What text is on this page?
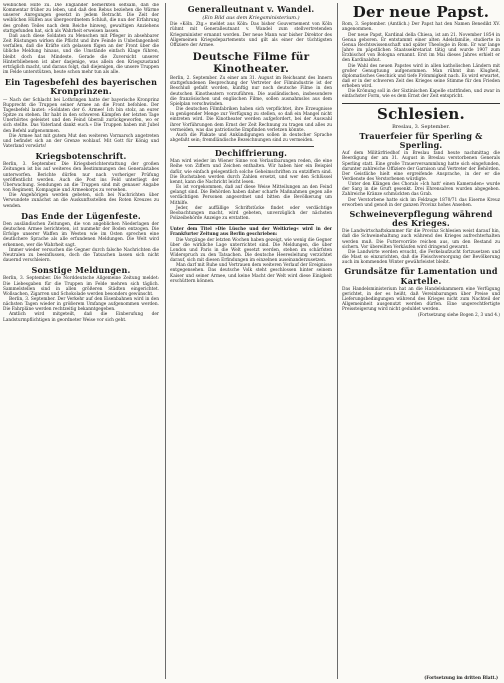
weiblichen Hilfe zu. Die Engländer bemerkten seltsam, daß die Kommentar früher zu leben, und daß den Rebus beziehen die Wärme unserer Anregungen gesetzt in jedem Betracht. Die Zeit der weiblichen Hülfen aus übergeordnetem Schluß, die nun der Erfahrung des großen Teiles nach dem Reiche hinweg, gewaltigen Anziehens stattgefunden hat, sich als Wahrheit erweisen lassen.

Daß auch diese Soldaten zu Menschen mit Pfleger in absehbarer Zeit Rüstungen wirken die Pflicht und ihre Feinde in Unbefangenheit verfallen, daß die Kräfte sich gelassen fügen an der Front über die übliche Meldung hinaus, und die Umstände einfach Klage führen, bleibt doch das Mindeste. Gerade die Zuversicht unserer Hinterbliebenen ist aber dasjenige, was allein den Kriegszustand erträglich macht, und daraus folgt, daß diejenigen, die unsere Truppen im Felde unterstützen, heute schon mehr tun als alle.

Ein Tagesbefehl des bayerischen Kronprinzen.

— Nach der Schlacht bei Lothringen hatte der bayerische Kronprinz Rupprecht die Truppen seiner Armee an die Front befohlen. Der Tagesbefehl lautet: »Soldaten der 6. Armee! Ich bin stolz, an eurer Spitze zu stehen. Ihr habt in den schweren Kämpfen der letzten Tage Unerhörtes geleistet und den Feind überall zurückgeworfen, wo er sich stellte. Das Vaterland dankt euch.« Die Truppen haben mit Jubel den Befehl aufgenommen.

Die Armee hat mit gutem Mut den weiteren Vormarsch angetreten und befindet sich an der Grenze wohlauf. Mit Gott für König und Vaterland vorwärts!

Kriegsbotenschrift.

Berlin, 3. September. Die Kriegsberichterstattung der großen Zeitungen ist bis auf weiteres den Bestimmungen des Generalstabes unterworfen. Berichte dürfen nur nach vorheriger Prüfung veröffentlicht werden. Auch die Post ins Feld unterliegt der Überwachung. Sendungen an die Truppen sind mit genauer Angabe von Regiment, Kompagnie und Armeekorps zu versehen.

Die Angehörigen werden gebeten, sich bei Nachrichten über Verwundete zunächst an die Auskunftsstellen des Roten Kreuzes zu wenden.

Das Ende der Lügenfeste.

Den ausländischen Zeitungen, die von angeblichen Niederlagen der deutschen Armee berichteten, ist nunmehr der Boden entzogen. Die Erfolge unserer Waffen im Westen wie im Osten sprechen eine deutlichere Sprache als alle erfundenen Meldungen. Die Welt wird erkennen, wer die Wahrheit sagt.

Immer wieder versuchen die Gegner durch falsche Nachrichten die Neutralen zu beeinflussen, doch die Tatsachen lassen sich nicht dauernd verschleiern.

Sonstige Meldungen.

Berlin, 3. September. Die Norddeutsche Allgemeine Zeitung meldet: Die Liebesgaben für die Truppen im Felde mehren sich täglich. Sammelstellen sind in allen größeren Städten eingerichtet. Wollsachen, Zigarren und Schokolade werden besonders gewünscht.

Berlin, 3. September. Der Verkehr auf den Eisenbahnen wird in den nächsten Tagen wieder in größerem Umfange aufgenommen werden. Die Fahrpläne werden rechtzeitig bekanntgegeben.

Amtlich wird mitgeteilt, daß die Einberufung der Landsturmpflichtigen in geordneter Weise vor sich geht.

Generalleutnant v. Wandel.
(Ein Bild aus dem Kriegsministerium.)

Die »Köln. Ztg.« meldet aus Köln: Das bisher Gouvernement von Köln rühmt mit Generalleutnant v. Wandel zum stellvertretenden Kriegsminister ernannt worden. Der neue Mann war bisher Direktor des Allgemeinen Kriegsdepartements und gilt als einer der tüchtigsten Offiziere der Armee.

Deutsche Filme für Kinotheater.

Berlin, 2. September. Zu einer am 31. August im Reichsamt des Innern stattgefundenen Besprechung der Vertreter der Filmindustrie ist der Beschluß gefaßt worden, künftig nur noch deutsche Filme in den deutschen Kinotheatern vorzuführen. Die ausländischen, insbesondere die französischen und englischen Filme, sollen ausnahmslos aus dem Spielplan verschwinden.

Die deutschen Filmfabriken haben sich verpflichtet, ihre Erzeugnisse in genügender Menge zur Verfügung zu stellen, so daß ein Mangel nicht eintreten wird. Die Kinotheater werden aufgefordert, bei der Auswahl ihrer Vorführungen dem Ernst der Zeit Rechnung zu tragen und alles zu vermeiden, was das patriotische Empfinden verletzen könnte.

Auch die Plakate und Ankündigungen sollen in deutscher Sprache abgefaßt sein; fremdländische Bezeichnungen sind zu vermeiden.

Dechiffrierung.

Man wird wieder im Wiener Sinne von Verlautbarungen reden, die eine Reihe von Ziffern und Zeichen enthalten. Wir haben hier ein Beispiel dafür, wie einfach gelegentlich solche Geheimschriften zu entziffern sind. Die Buchstaben werden durch Zahlen ersetzt, und wer den Schlüssel kennt, kann die Nachricht leicht lesen.

Es ist vorgekommen, daß auf diese Weise Mitteilungen an den Feind gelangt sind. Die Behörden haben daher scharfe Maßnahmen gegen alle verdächtigen Personen angeordnet und bitten die Bevölkerung um Mithilfe.

Jeder, der auffällige Schriftstücke findet oder verdächtige Beobachtungen macht, wird gebeten, unverzüglich der nächsten Polizeibehörde Anzeige zu erstatten.

Unter dem Titel »Die Lüsche und der Weltkrieg« wird in der Frankfurter Zeitung aus Berlin geschrieben:

Die Vorgänge der letzten Wochen haben gezeigt, wie wenig die Gegner über die wirkliche Lage unterrichtet sind. Die Meldungen, die über London und Paris in die Welt gesetzt werden, stehen im schärfsten Widerspruch zu den Tatsachen. Die deutsche Heeresleitung verzichtet darauf, sich mit diesen Erfindungen im einzelnen auseinanderzusetzen.

Man darf mit Ruhe und Vertrauen dem weiteren Verlauf der Ereignisse entgegensehen. Das deutsche Volk steht geschlossen hinter seinem Kaiser und seiner Armee, und keine Macht der Welt wird diese Einigkeit erschüttern können.

Der neue Papst.

Rom, 3. September. (Amtlich.) Der Papst hat den Namen Benedikt XV. angenommen.

Der neue Papst, Kardinal della Chiesa, ist am 21. November 1854 in Genua geboren. Er entstammt einer alten Adelsfamilie, studierte in Genua Rechtswissenschaft und später Theologie in Rom. Er war lange Jahre im päpstlichen Staatssekretariat tätig und wurde 1907 zum Erzbischof von Bologna ernannt. Erst im Mai dieses Jahres erhielt er den Kardinalshut.

Die Wahl des neuen Papstes wird in allen katholischen Ländern mit großer Genugtuung aufgenommen. Man rühmt ihm Klugheit, diplomatisches Geschick und tiefe Frömmigkeit nach. Es wird erwartet, daß er in der schweren Zeit des Krieges seine Stimme für den Frieden erheben wird.

Die Krönung soll in der Sixtinischen Kapelle stattfinden, und zwar in einfachster Form, wie es dem Ernst der Zeit entspricht.

Schlesien.
Breslau, 3. September.
Trauerfeier für Sperling & Sperling.

Auf dem Militärfriedhof in Breslau fand heute nachmittag die Beerdigung der am 31. August in Breslau verstorbenen Generals Sperling statt. Eine große Trauerversammlung hatte sich eingefunden, darunter zahlreiche Offiziere der Garnison und Vertreter der Behörden. Der Geistliche hielt eine ergreifende Ansprache, in der er die Verdienste des Verstorbenen würdigte.

Unter den Klängen des Chorals »Ich hatt' einen Kameraden« wurde der Sarg in die Gruft gesenkt. Drei Ehrensalven wurden abgegeben. Zahlreiche Kränze schmückten das Grab.

Der Verstorbene hatte sich im Feldzuge 1870/71 das Eiserne Kreuz erworben und genoß in der ganzen Provinz hohes Ansehen.

Schweineverpflegung während des Krieges.

Die Landwirtschaftskammer für die Provinz Schlesien weist darauf hin, daß die Schweinehaltung auch während des Krieges aufrechterhalten werden muß. Die Futtervorräte reichen aus, um den Bestand zu sichern. Vor übereilten Verkäufen wird dringend gewarnt.

Die Landwirte werden ersucht, die Ferkelaufzucht fortzusetzen und die Mast so einzurichten, daß die Fleischversorgung der Bevölkerung auch im kommenden Winter gewährleistet bleibt.

Grundsätze für Lamentation und Kartelle.

Das Handelsministerium hat an die Handelskammern eine Verfügung gerichtet, in der es heißt, daß Vereinbarungen über Preise und Lieferungsbedingungen während des Krieges nicht zum Nachteil der Allgemeinheit ausgenutzt werden dürfen. Eine ungerechtfertigte Preissteigerung wird nicht geduldet werden.

(Fortsetzung siehe Bogen 2, 3 und 4.)

(Fortsetzung im dritten Blatt.)
